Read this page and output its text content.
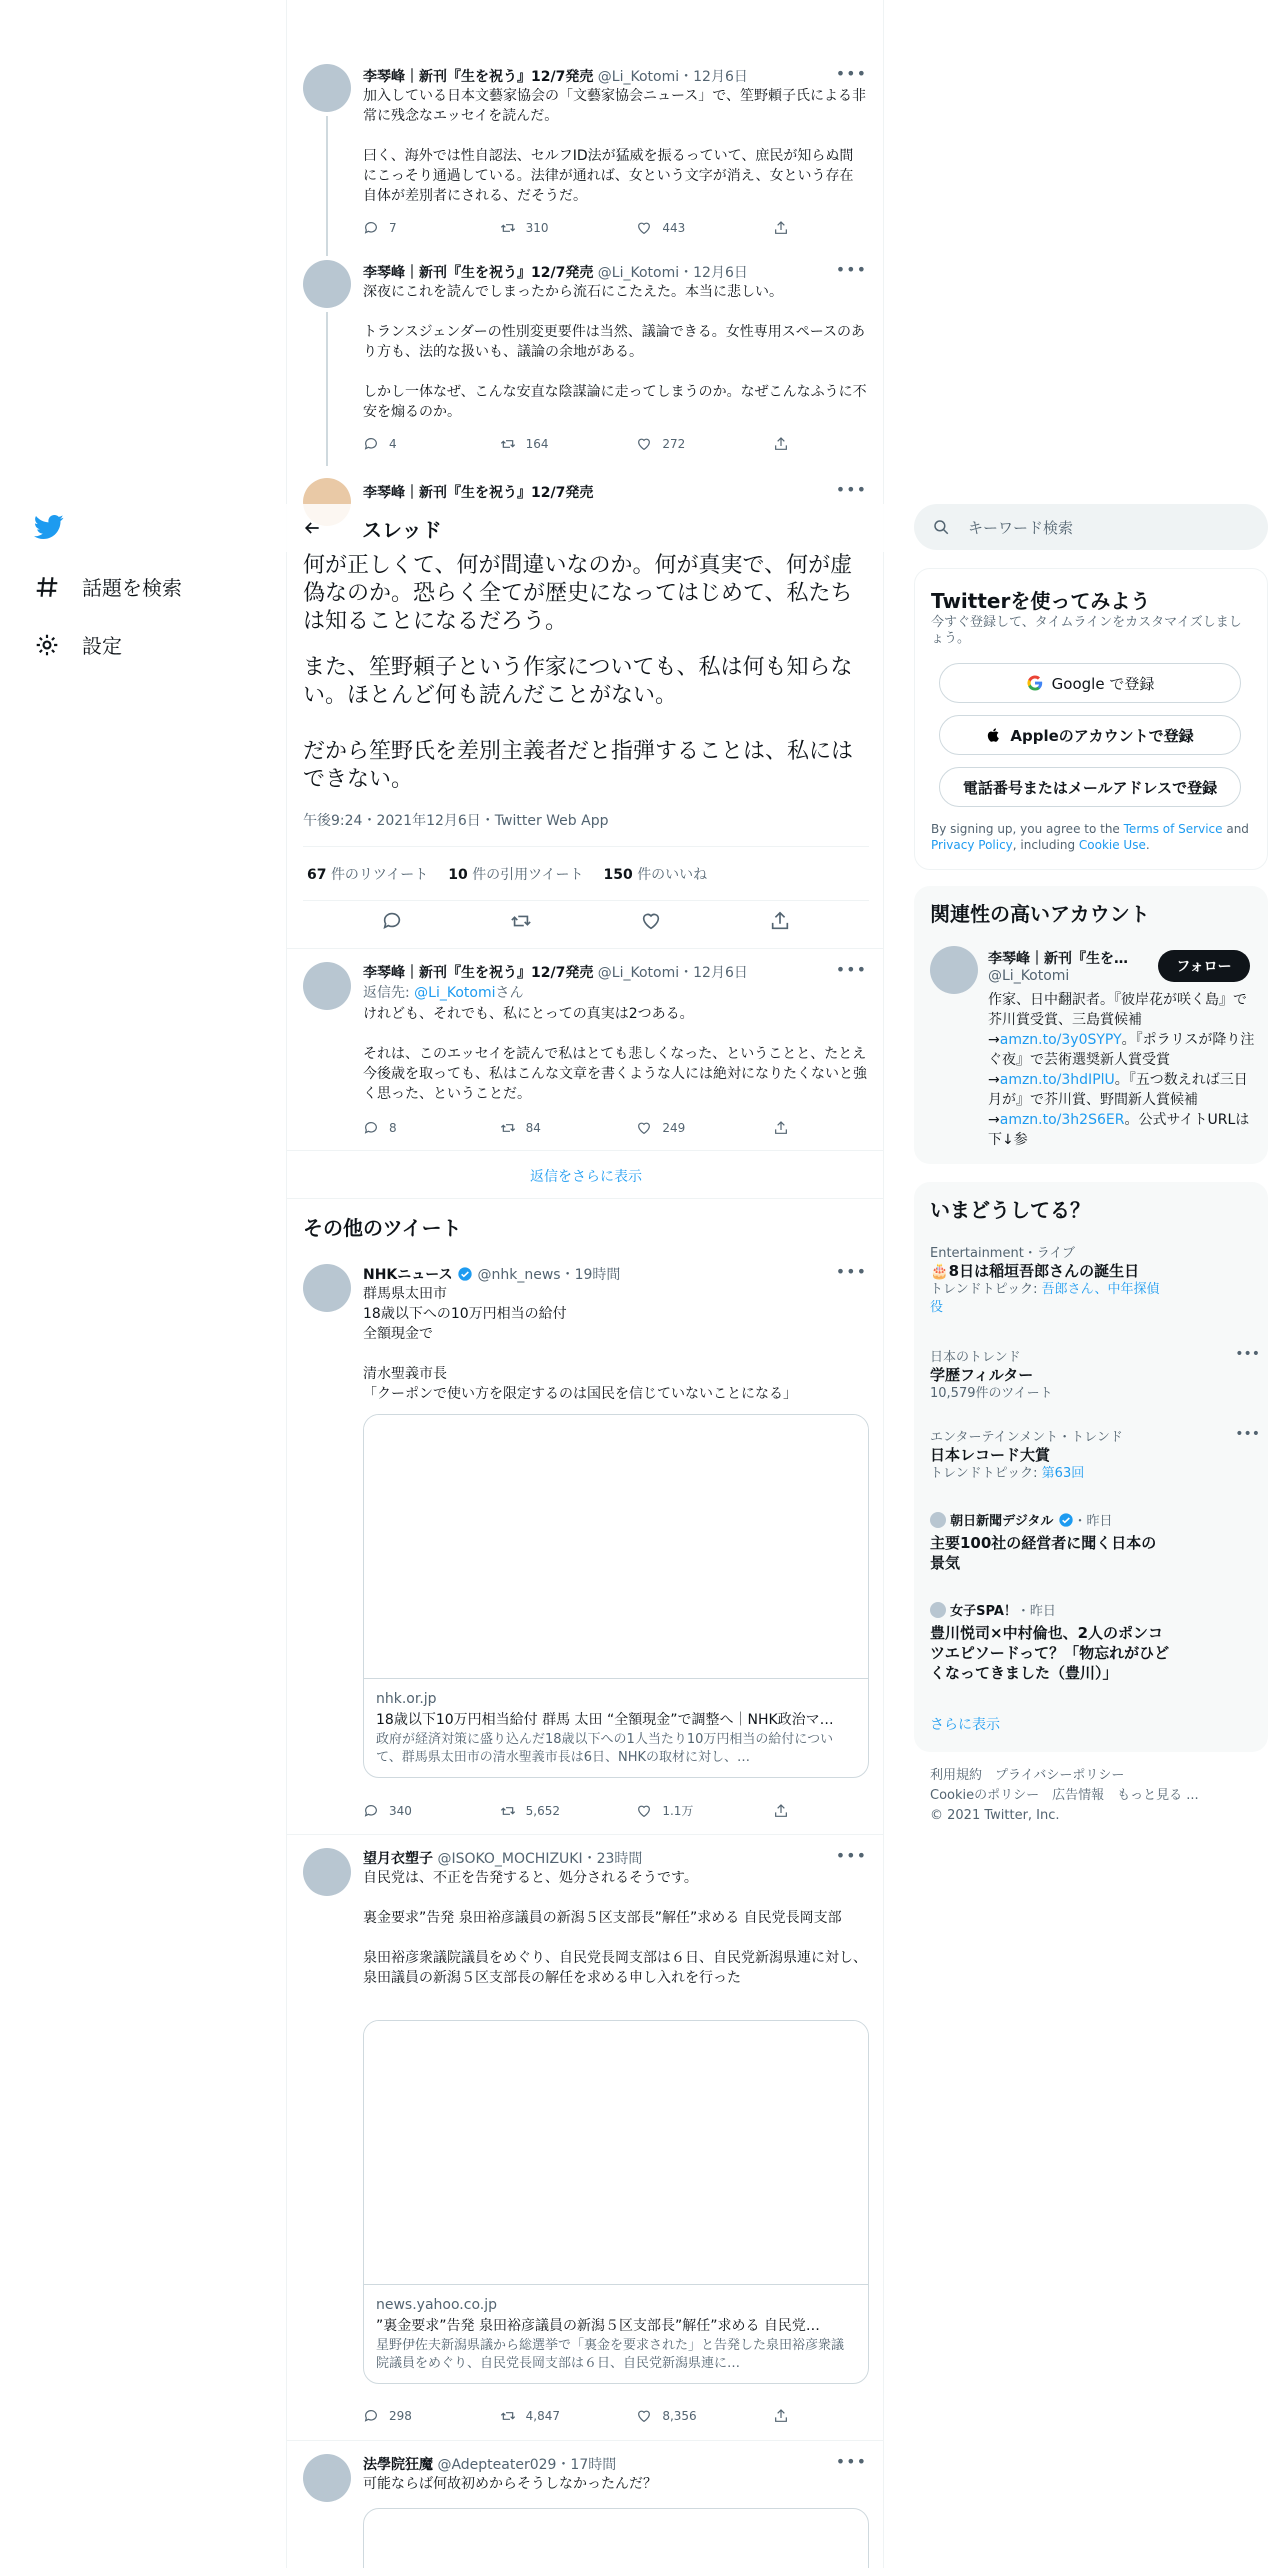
話題を検索
設定
李琴峰｜新刊『生を祝う』12/7発売 @Li_Kotomi・12月6日	•••
加入している日本文藝家協会の「文藝家協会ニュース」で、笙野頼子氏による非常に残念なエッセイを読んだ。

曰く、海外では性自認法、セルフID法が猛威を振るっていて、庶民が知らぬ間にこっそり通過している。法律が通れば、女という文字が消え、女という存在自体が差別者にされる、だそうだ。
7	310	443
李琴峰｜新刊『生を祝う』12/7発売 @Li_Kotomi・12月6日	•••
深夜にこれを読んでしまったから流石にこたえた。本当に悲しい。

トランスジェンダーの性別変更要件は当然、議論できる。女性専用スペースのあり方も、法的な扱いも、議論の余地がある。

しかし一体なぜ、こんな安直な陰謀論に走ってしまうのか。なぜこんなふうに不安を煽るのか。
4	164	272
李琴峰｜新刊『生を祝う』12/7発売	•••
何が正しくて、何が間違いなのか。何が真実で、何が虚偽なのか。恐らく全てが歴史になってはじめて、私たちは知ることになるだろう。
また、笙野頼子という作家についても、私は何も知らない。ほとんど何も読んだことがない。
だから笙野氏を差別主義者だと指弾することは、私にはできない。
午後9:24・2021年12月6日・Twitter Web App
67 件のリツイート 10 件の引用ツイート 150 件のいいね
李琴峰｜新刊『生を祝う』12/7発売 @Li_Kotomi・12月6日	•••
返信先: @Li_Kotomiさん
けれども、それでも、私にとっての真実は2つある。

それは、このエッセイを読んで私はとても悲しくなった、ということと、たとえ今後歳を取っても、私はこんな文章を書くような人には絶対になりたくないと強く思った、ということだ。
8	84	249
返信をさらに表示
その他のツイート
NHKニュース @nhk_news・19時間	•••
群馬県太田市
18歳以下への10万円相当の給付
全額現金で

清水聖義市長
「クーポンで使い方を限定するのは国民を信じていないことになる」
nhk.or.jp
18歳以下10万円相当給付 群馬 太田 “全額現金”で調整へ｜NHK政治マ…
政府が経済対策に盛り込んだ18歳以下への1人当たり10万円相当の給付について、群馬県太田市の清水聖義市長は6日、NHKの取材に対し、…
340	5,652	1.1万
望月衣塑子 @ISOKO_MOCHIZUKI・23時間	•••
自民党は、不正を告発すると、処分されるそうです。

裏金要求”告発 泉田裕彦議員の新潟５区支部長”解任”求める 自民党長岡支部

泉田裕彦衆議院議員をめぐり、自民党長岡支部は６日、自民党新潟県連に対し、泉田議員の新潟５区支部長の解任を求める申し入れを行った
news.yahoo.co.jp
”裏金要求”告発 泉田裕彦議員の新潟５区支部長”解任”求める 自民党…
星野伊佐夫新潟県議から総選挙で「裏金を要求された」と告発した泉田裕彦衆議院議員をめぐり、自民党長岡支部は６日、自民党新潟県連に…
298	4,847	8,356
法學院狂魔 @Adepteater029・17時間	•••
可能ならば何故初めからそうしなかったんだ？
スレッド	キーワード検索
Twitterを使ってみよう
今すぐ登録して、タイムラインをカスタマイズしましょう。
Google で登録
Appleのアカウントで登録
電話番号またはメールアドレスで登録
By signing up, you agree to the Terms of Service and Privacy Policy, including Cookie Use.
関連性の高いアカウント
李琴峰｜新刊『生を…
@Li_Kotomi
フォロー
作家、日中翻訳者。『彼岸花が咲く島』で芥川賞受賞、三島賞候補→amzn.to/3y0SYPY。『ポラリスが降り注ぐ夜』で芸術選奨新人賞受賞→amzn.to/3hdIPlU。『五つ数えれば三日月が』で芥川賞、野間新人賞候補→amzn.to/3h2S6ER。公式サイトURLは下↓参
いまどうしてる？
Entertainment・ライブ
🎂8日は稲垣吾郎さんの誕生日
トレンドトピック: 吾郎さん、中年探偵役
日本のトレンド
学歴フィルター
10,579件のツイート
•••
エンターテインメント・トレンド
日本レコード大賞
トレンドトピック: 第63回
•••
朝日新聞デジタル ・昨日
主要100社の経営者に聞く日本の景気
女子SPA！・昨日
豊川悦司×中村倫也、2人のポンコツエピソードって？「物忘れがひどくなってきました（豊川）」
さらに表示
利用規約　プライバシーポリシー
Cookieのポリシー　広告情報　もっと見る ...
© 2021 Twitter, Inc.
